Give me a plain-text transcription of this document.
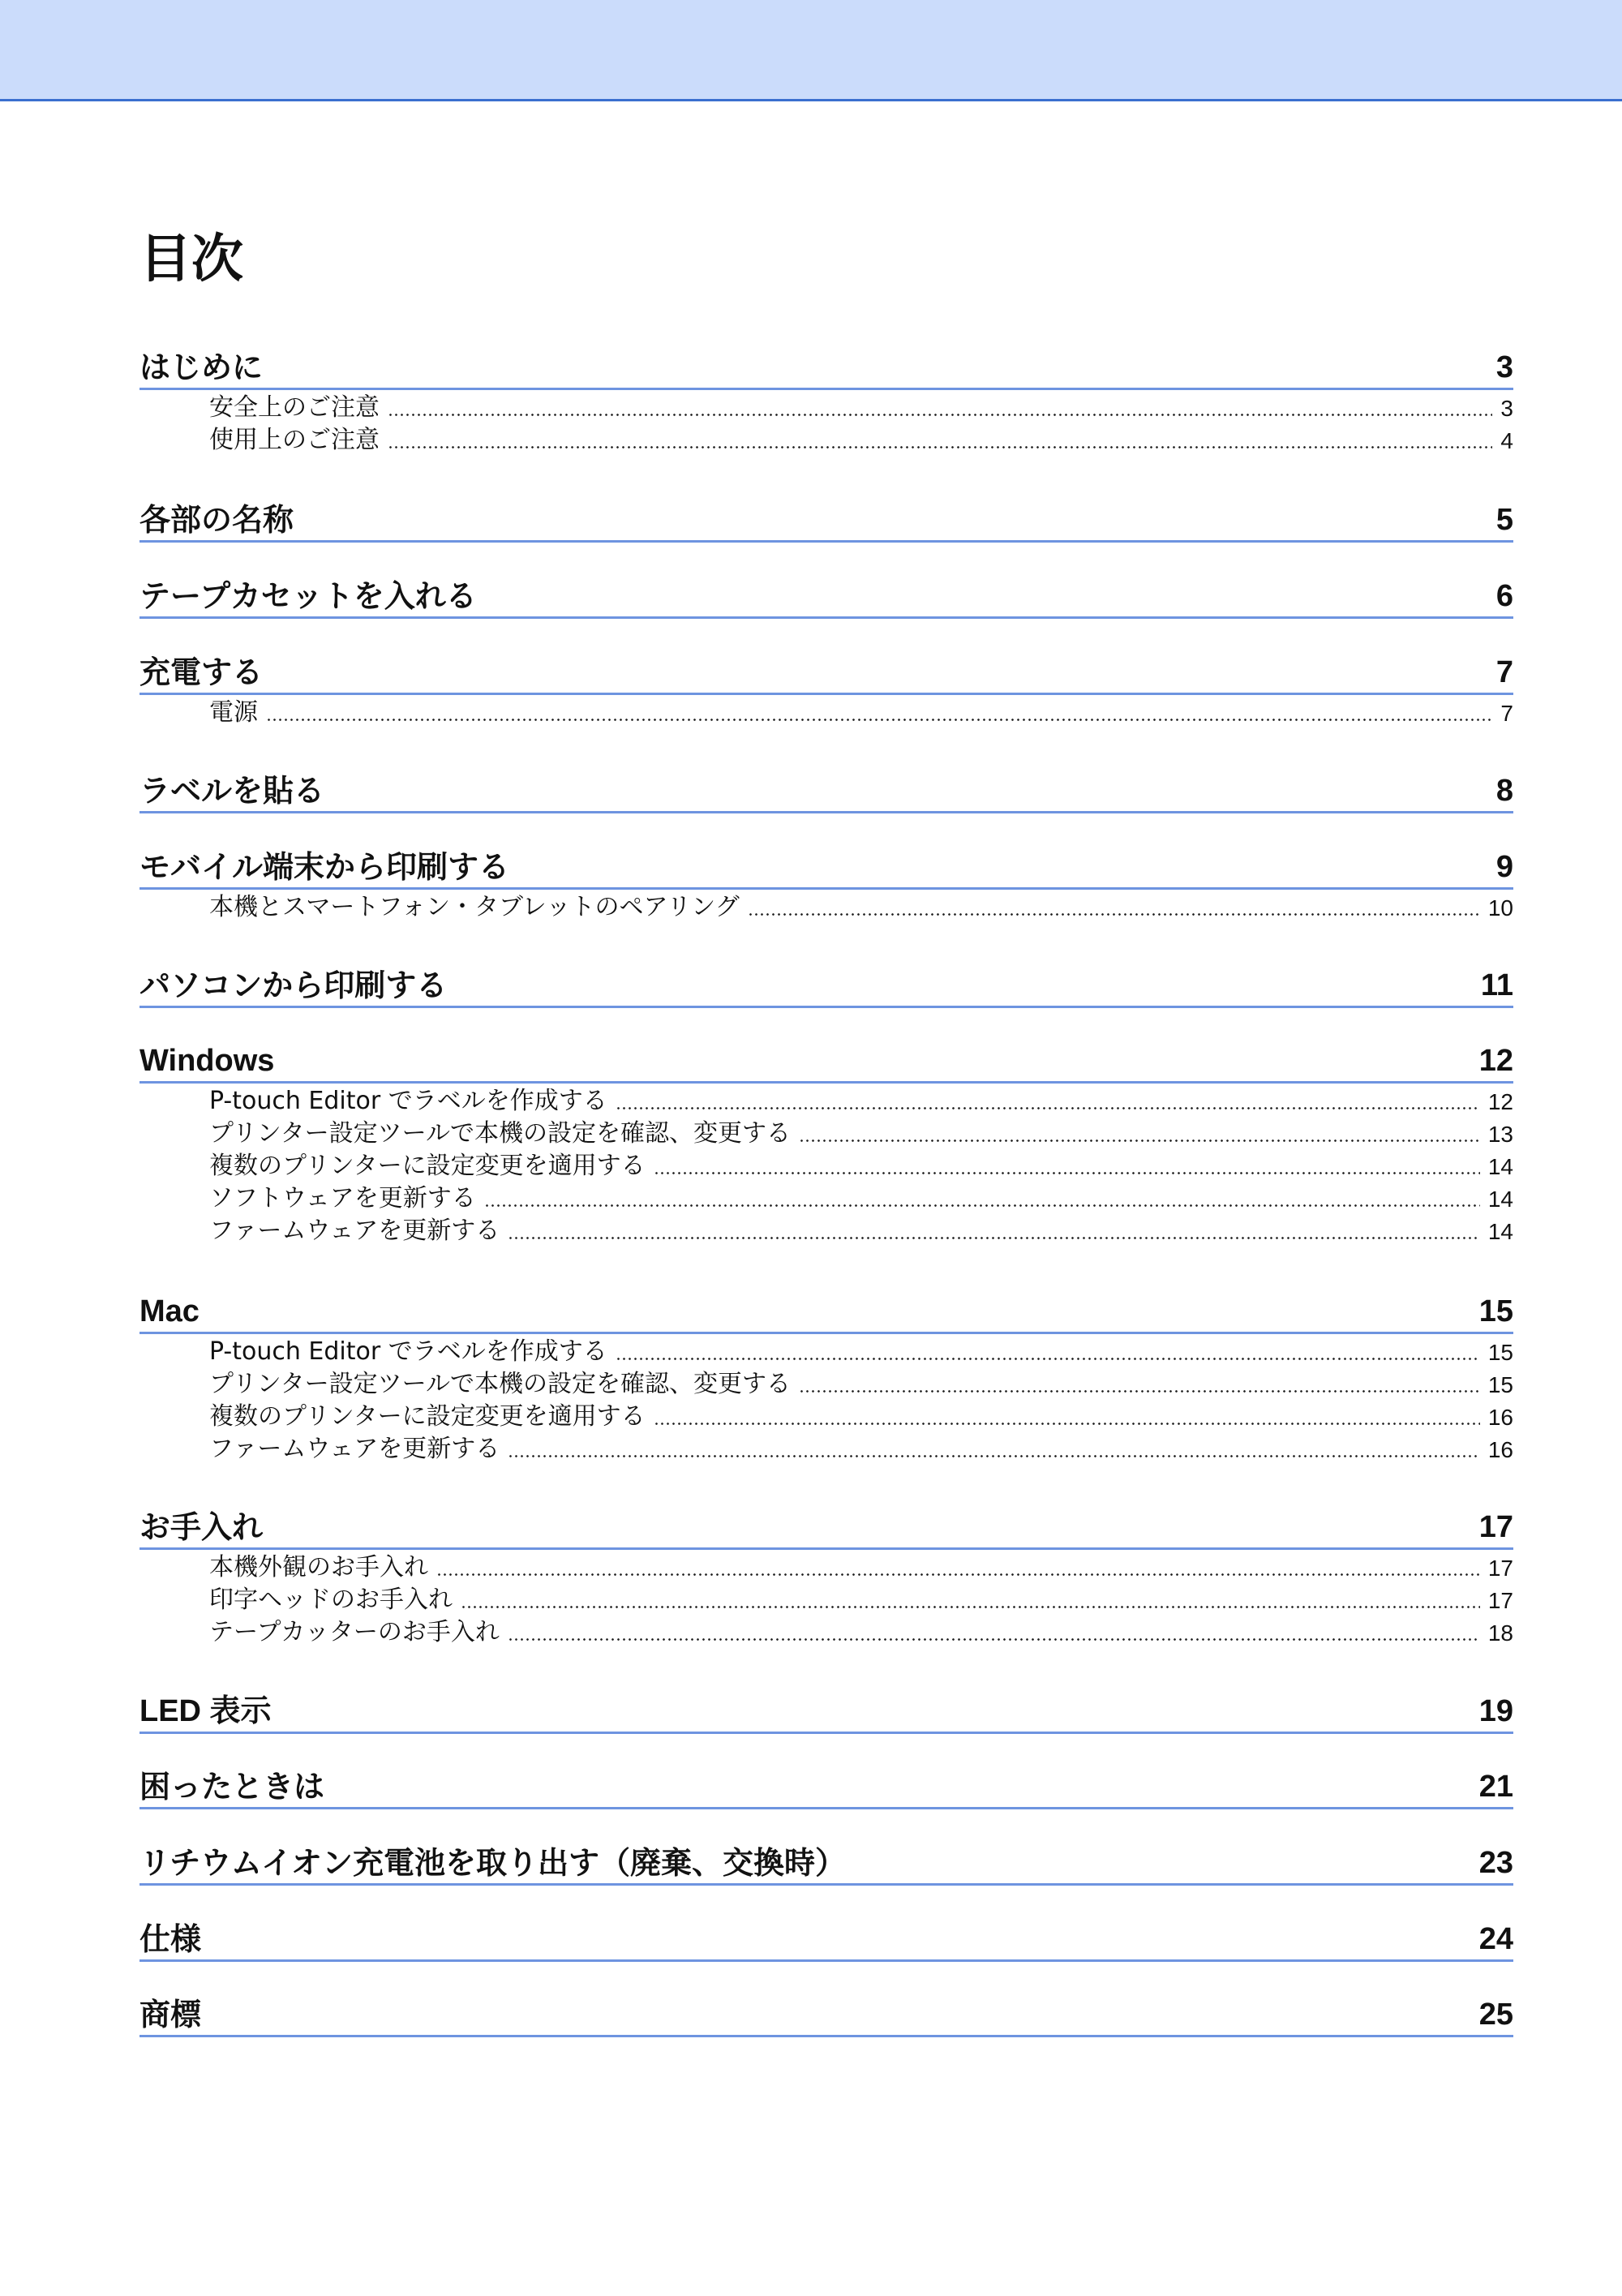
目次
はじめに	3
安全上のご注意	3
使用上のご注意	4
各部の名称	5
テープカセットを入れる	6
充電する	7
電源	7
ラベルを貼る	8
モバイル端末から印刷する	9
本機とスマートフォン・タブレットのペアリング	10
パソコンから印刷する	11
Windows	12
P-touch Editor でラベルを作成する	12
プリンター設定ツールで本機の設定を確認、変更する	13
複数のプリンターに設定変更を適用する	14
ソフトウェアを更新する	14
ファームウェアを更新する	14
Mac	15
P-touch Editor でラベルを作成する	15
プリンター設定ツールで本機の設定を確認、変更する	15
複数のプリンターに設定変更を適用する	16
ファームウェアを更新する	16
お手入れ	17
本機外観のお手入れ	17
印字ヘッドのお手入れ	17
テープカッターのお手入れ	18
LED 表示	19
困ったときは	21
リチウムイオン充電池を取り出す（廃棄、交換時）	23
仕様	24
商標	25
